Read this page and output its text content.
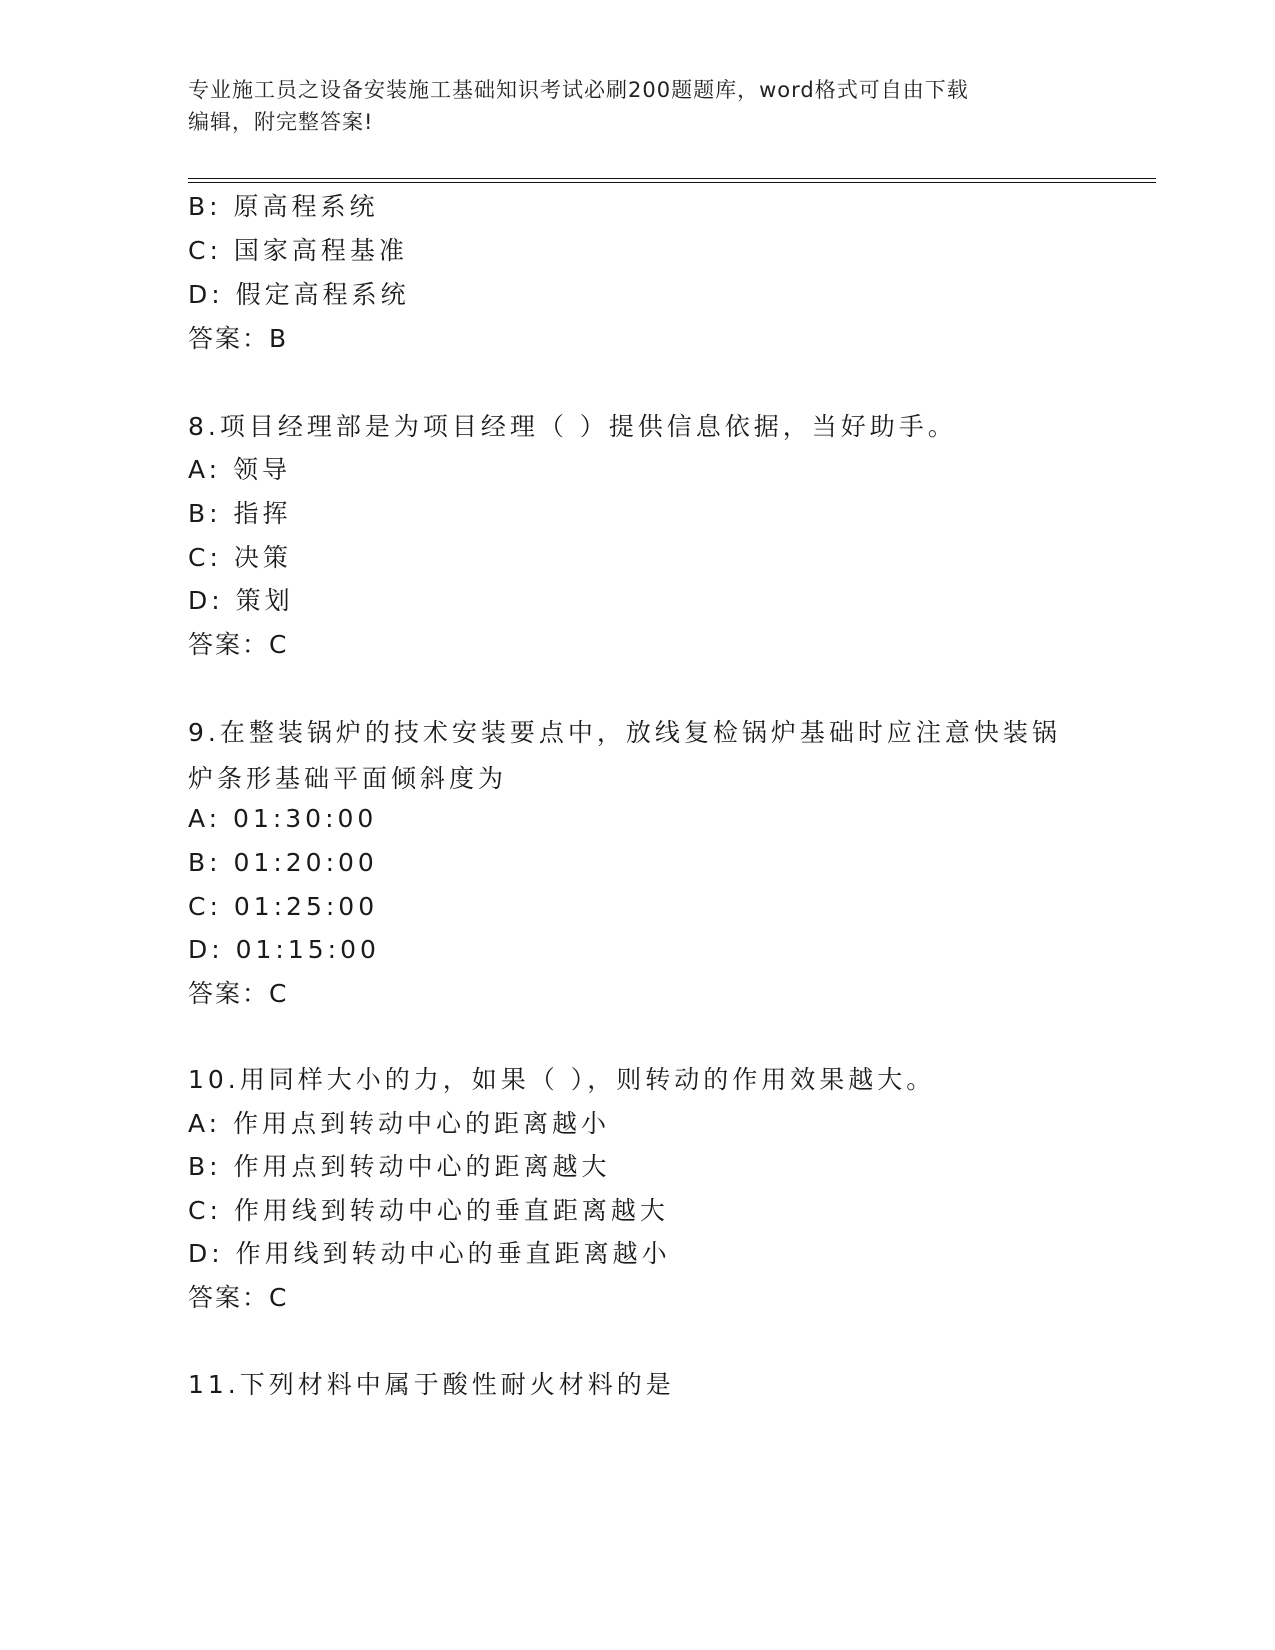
专业施工员之设备安装施工基础知识考试必刷200题题库，word格式可自由下载
编辑，附完整答案!
B: 原高程系统
C: 国家高程基准
D: 假定高程系统
答案：B
8.项目经理部是为项目经理（ ）提供信息依据，当好助手。
A: 领导
B: 指挥
C: 决策
D: 策划
答案：C
9.在整装锅炉的技术安装要点中，放线复检锅炉基础时应注意快装锅炉条形基础平面倾斜度为
A: 01:30:00
B: 01:20:00
C: 01:25:00
D: 01:15:00
答案：C
10.用同样大小的力，如果（ ），则转动的作用效果越大。
A: 作用点到转动中心的距离越小
B: 作用点到转动中心的距离越大
C: 作用线到转动中心的垂直距离越大
D: 作用线到转动中心的垂直距离越小
答案：C
11.下列材料中属于酸性耐火材料的是
